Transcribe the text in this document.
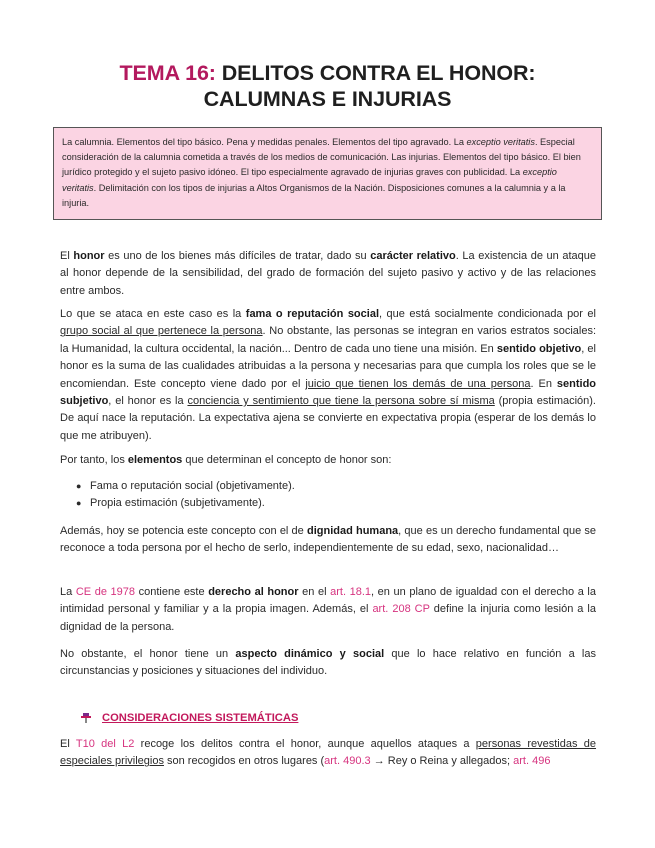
TEMA 16: DELITOS CONTRA EL HONOR:
CALUMNAS E INJURIAS
La calumnia. Elementos del tipo básico. Pena y medidas penales. Elementos del tipo agravado. La exceptio veritatis. Especial consideración de la calumnia cometida a través de los medios de comunicación. Las injurias. Elementos del tipo básico. El bien jurídico protegido y el sujeto pasivo idóneo. El tipo especialmente agravado de injurias graves con publicidad. La exceptio veritatis. Delimitación con los tipos de injurias a Altos Organismos de la Nación. Disposiciones comunes a la calumnia y a la injuria.

El honor es uno de los bienes más difíciles de tratar, dado su carácter relativo. La existencia de un ataque al honor depende de la sensibilidad, del grado de formación del sujeto pasivo y activo y de las relaciones entre ambos.

Lo que se ataca en este caso es la fama o reputación social, que está socialmente condicionada por el grupo social al que pertenece la persona. No obstante, las personas se integran en varios estratos sociales: la Humanidad, la cultura occidental, la nación... Dentro de cada uno tiene una misión. En sentido objetivo, el honor es la suma de las cualidades atribuidas a la persona y necesarias para que cumpla los roles que se le encomiendan. Este concepto viene dado por el juicio que tienen los demás de una persona. En sentido subjetivo, el honor es la conciencia y sentimiento que tiene la persona sobre sí misma (propia estimación). De aquí nace la reputación. La expectativa ajena se convierte en expectativa propia (esperar de los demás lo que me atribuyen).

Por tanto, los elementos que determinan el concepto de honor son:

● Fama o reputación social (objetivamente).
● Propia estimación (subjetivamente).

Además, hoy se potencia este concepto con el de dignidad humana, que es un derecho fundamental que se reconoce a toda persona por el hecho de serlo, independientemente de su edad, sexo, nacionalidad…

La CE de 1978 contiene este derecho al honor en el art. 18.1, en un plano de igualdad con el derecho a la intimidad personal y familiar y a la propia imagen. Además, el art. 208 CP define la injuria como lesión a la dignidad de la persona.

No obstante, el honor tiene un aspecto dinámico y social que lo hace relativo en función a las circunstancias y posiciones y situaciones del individuo.

CONSIDERACIONES SISTEMÁTICAS

El T10 del L2 recoge los delitos contra el honor, aunque aquellos ataques a personas revestidas de especiales privilegios son recogidos en otros lugares (art. 490.3 → Rey o Reina y allegados; art. 496
